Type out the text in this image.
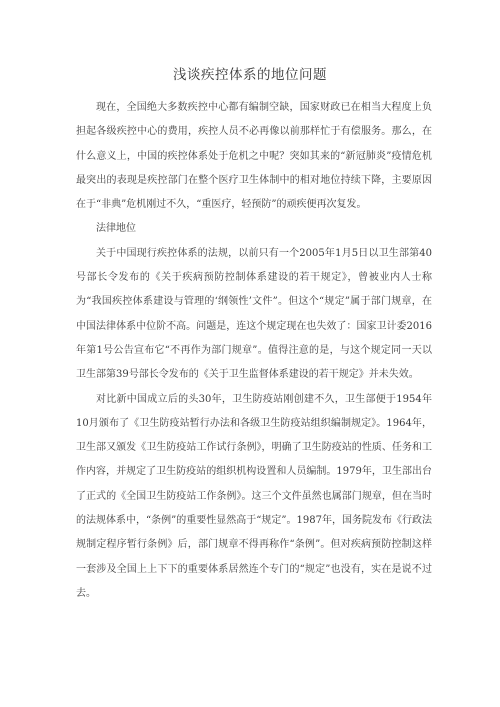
浅谈疾控体系的地位问题

现在，全国绝大多数疾控中心都有编制空缺，国家财政已在相当大程度上负担起各级疾控中心的费用，疾控人员不必再像以前那样忙于有偿服务。那么，在什么意义上，中国的疾控体系处于危机之中呢？突如其来的“新冠肺炎”疫情危机最突出的表现是疾控部门在整个医疗卫生体制中的相对地位持续下降，主要原因在于“非典”危机刚过不久，“重医疗，轻预防”的顽疾便再次复发。

法律地位

关于中国现行疾控体系的法规，以前只有一个2005年1月5日以卫生部第40号部长令发布的《关于疾病预防控制体系建设的若干规定》，曾被业内人士称为“我国疾控体系建设与管理的‘纲领性’文件”。但这个“规定”属于部门规章，在中国法律体系中位阶不高。问题是，连这个规定现在也失效了：国家卫计委2016年第1号公告宣布它“不再作为部门规章”。值得注意的是，与这个规定同一天以卫生部第39号部长令发布的《关于卫生监督体系建设的若干规定》并未失效。

对比新中国成立后的头30年，卫生防疫站刚创建不久，卫生部便于1954年10月颁布了《卫生防疫站暂行办法和各级卫生防疫站组织编制规定》。1964年，卫生部又颁发《卫生防疫站工作试行条例》，明确了卫生防疫站的性质、任务和工作内容，并规定了卫生防疫站的组织机构设置和人员编制。1979年，卫生部出台了正式的《全国卫生防疫站工作条例》。这三个文件虽然也属部门规章，但在当时的法规体系中，“条例”的重要性显然高于“规定”。1987年，国务院发布《行政法规制定程序暂行条例》后，部门规章不得再称作“条例”。但对疾病预防控制这样一套涉及全国上上下下的重要体系居然连个专门的“规定”也没有，实在是说不过去。
